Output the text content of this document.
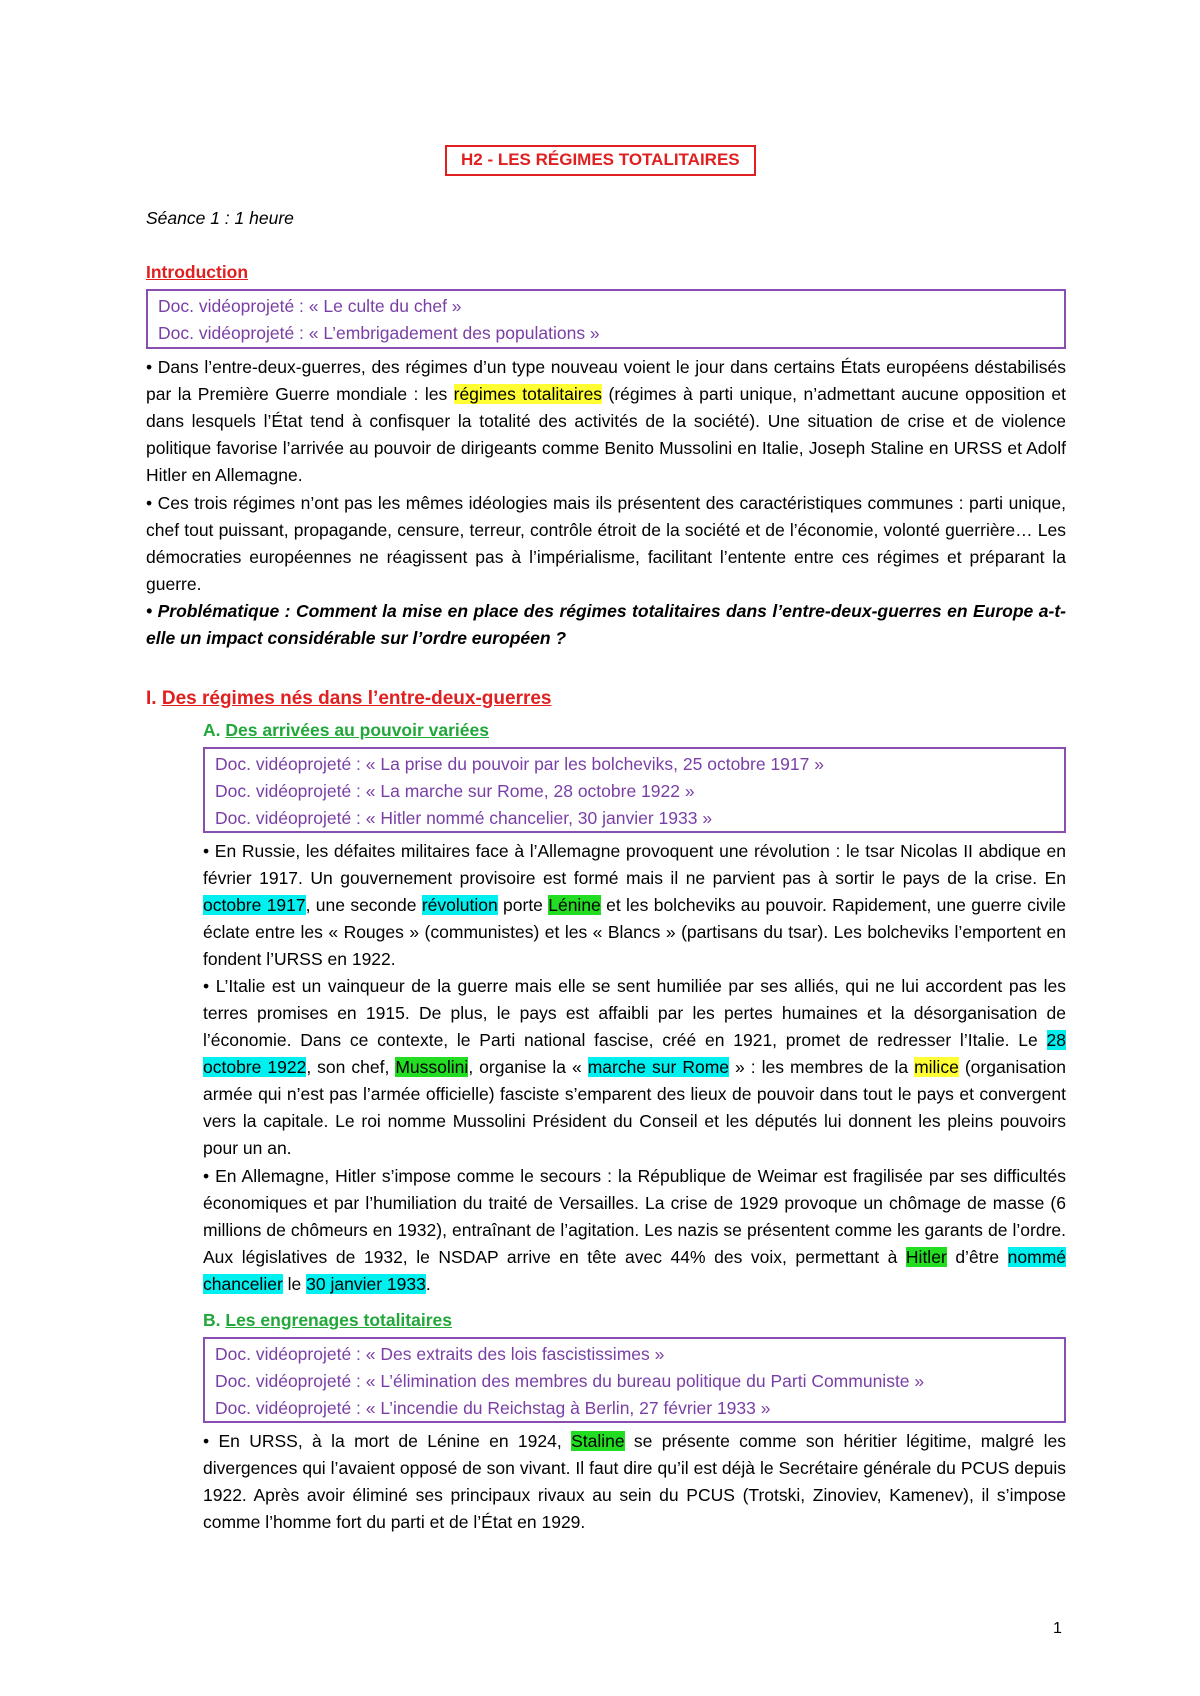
H2 - LES RÉGIMES TOTALITAIRES
Séance 1 : 1 heure
Introduction
Doc. vidéoprojeté : « Le culte du chef »
Doc. vidéoprojeté : « L’embrigadement des populations »

• Dans l’entre-deux-guerres, des régimes d’un type nouveau voient le jour dans certains États européens déstabilisés par la Première Guerre mondiale : les régimes totalitaires (régimes à parti unique, n’admettant aucune opposition et dans lesquels l’État tend à confisquer la totalité des activités de la société). Une situation de crise et de violence politique favorise l’arrivée au pouvoir de dirigeants comme Benito Mussolini en Italie, Joseph Staline en URSS et Adolf Hitler en Allemagne.

• Ces trois régimes n’ont pas les mêmes idéologies mais ils présentent des caractéristiques communes : parti unique, chef tout puissant, propagande, censure, terreur, contrôle étroit de la société et de l’économie, volonté guerrière… Les démocraties européennes ne réagissent pas à l’impérialisme, facilitant l’entente entre ces régimes et préparant la guerre.

• Problématique : Comment la mise en place des régimes totalitaires dans l’entre-deux-guerres en Europe a-t-elle un impact considérable sur l’ordre européen ?

I. Des régimes nés dans l’entre-deux-guerres
A. Des arrivées au pouvoir variées
Doc. vidéoprojeté : « La prise du pouvoir par les bolcheviks, 25 octobre 1917 »
Doc. vidéoprojeté : « La marche sur Rome, 28 octobre 1922 »
Doc. vidéoprojeté : « Hitler nommé chancelier, 30 janvier 1933 »

• En Russie, les défaites militaires face à l’Allemagne provoquent une révolution : le tsar Nicolas II abdique en février 1917. Un gouvernement provisoire est formé mais il ne parvient pas à sortir le pays de la crise. En octobre 1917, une seconde révolution porte Lénine et les bolcheviks au pouvoir. Rapidement, une guerre civile éclate entre les « Rouges » (communistes) et les « Blancs » (partisans du tsar). Les bolcheviks l’emportent en fondent l’URSS en 1922.

• L’Italie est un vainqueur de la guerre mais elle se sent humiliée par ses alliés, qui ne lui accordent pas les terres promises en 1915. De plus, le pays est affaibli par les pertes humaines et la désorganisation de l’économie. Dans ce contexte, le Parti national fascise, créé en 1921, promet de redresser l’Italie. Le 28 octobre 1922, son chef, Mussolini, organise la « marche sur Rome » : les membres de la milice (organisation armée qui n’est pas l’armée officielle) fasciste s’emparent des lieux de pouvoir dans tout le pays et convergent vers la capitale. Le roi nomme Mussolini Président du Conseil et les députés lui donnent les pleins pouvoirs pour un an.

• En Allemagne, Hitler s’impose comme le secours : la République de Weimar est fragilisée par ses difficultés économiques et par l’humiliation du traité de Versailles. La crise de 1929 provoque un chômage de masse (6 millions de chômeurs en 1932), entraînant de l’agitation. Les nazis se présentent comme les garants de l’ordre. Aux législatives de 1932, le NSDAP arrive en tête avec 44% des voix, permettant à Hitler d’être nommé chancelier le 30 janvier 1933.

B. Les engrenages totalitaires
Doc. vidéoprojeté : « Des extraits des lois fascistissimes »
Doc. vidéoprojeté : « L’élimination des membres du bureau politique du Parti Communiste »
Doc. vidéoprojeté : « L’incendie du Reichstag à Berlin, 27 février 1933 »

• En URSS, à la mort de Lénine en 1924, Staline se présente comme son héritier légitime, malgré les divergences qui l’avaient opposé de son vivant. Il faut dire qu’il est déjà le Secrétaire générale du PCUS depuis 1922. Après avoir éliminé ses principaux rivaux au sein du PCUS (Trotski, Zinoviev, Kamenev), il s’impose comme l’homme fort du parti et de l’État en 1929.

1
